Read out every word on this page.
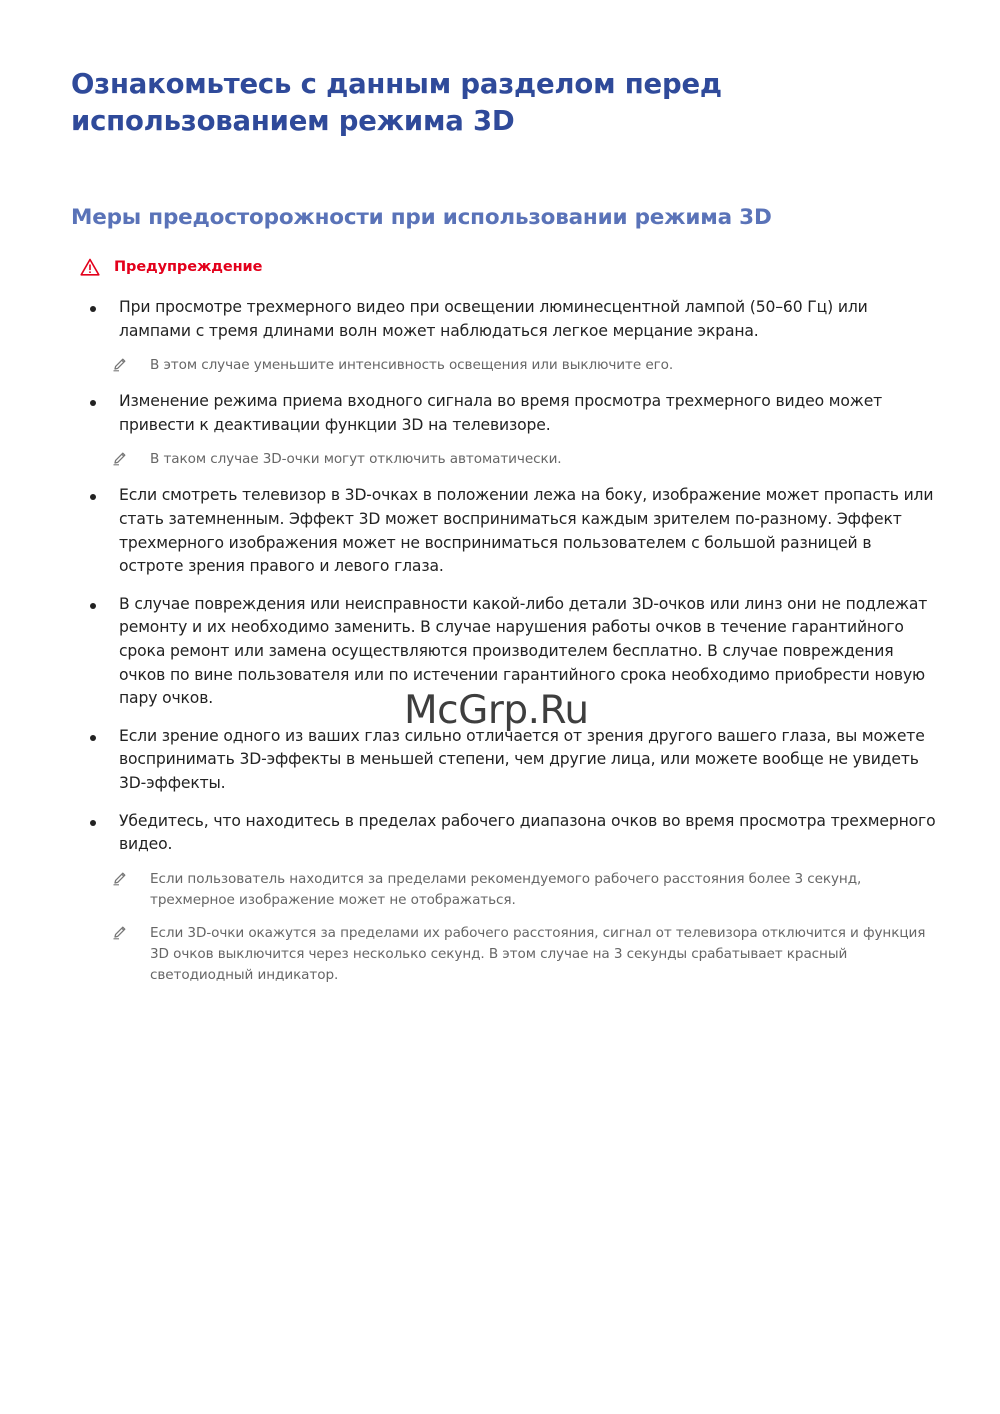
Ознакомьтесь с данным разделом перед использованием режима 3D
Меры предосторожности при использовании режима 3D
Предупреждение
При просмотре трехмерного видео при освещении люминесцентной лампой (50–60 Гц) или лампами с тремя длинами волн может наблюдаться легкое мерцание экрана.
В этом случае уменьшите интенсивность освещения или выключите его.
Изменение режима приема входного сигнала во время просмотра трехмерного видео может привести к деактивации функции 3D на телевизоре.
В таком случае 3D-очки могут отключить автоматически.
Если смотреть телевизор в 3D-очках в положении лежа на боку, изображение может пропасть или стать затемненным. Эффект 3D может восприниматься каждым зрителем по-разному. Эффект трехмерного изображения может не восприниматься пользователем с большой разницей в остроте зрения правого и левого глаза.
В случае повреждения или неисправности какой-либо детали 3D-очков или линз они не подлежат ремонту и их необходимо заменить. В случае нарушения работы очков в течение гарантийного срока ремонт или замена осуществляются производителем бесплатно. В случае повреждения очков по вине пользователя или по истечении гарантийного срока необходимо приобрести новую пару очков.
Если зрение одного из ваших глаз сильно отличается от зрения другого вашего глаза, вы можете воспринимать 3D-эффекты в меньшей степени, чем другие лица, или можете вообще не увидеть 3D-эффекты.
Убедитесь, что находитесь в пределах рабочего диапазона очков во время просмотра трехмерного видео.
Если пользователь находится за пределами рекомендуемого рабочего расстояния более 3 секунд, трехмерное изображение может не отображаться.
Если 3D-очки окажутся за пределами их рабочего расстояния, сигнал от телевизора отключится и функция 3D очков выключится через несколько секунд. В этом случае на 3 секунды срабатывает красный светодиодный индикатор.
McGrp.Ru
